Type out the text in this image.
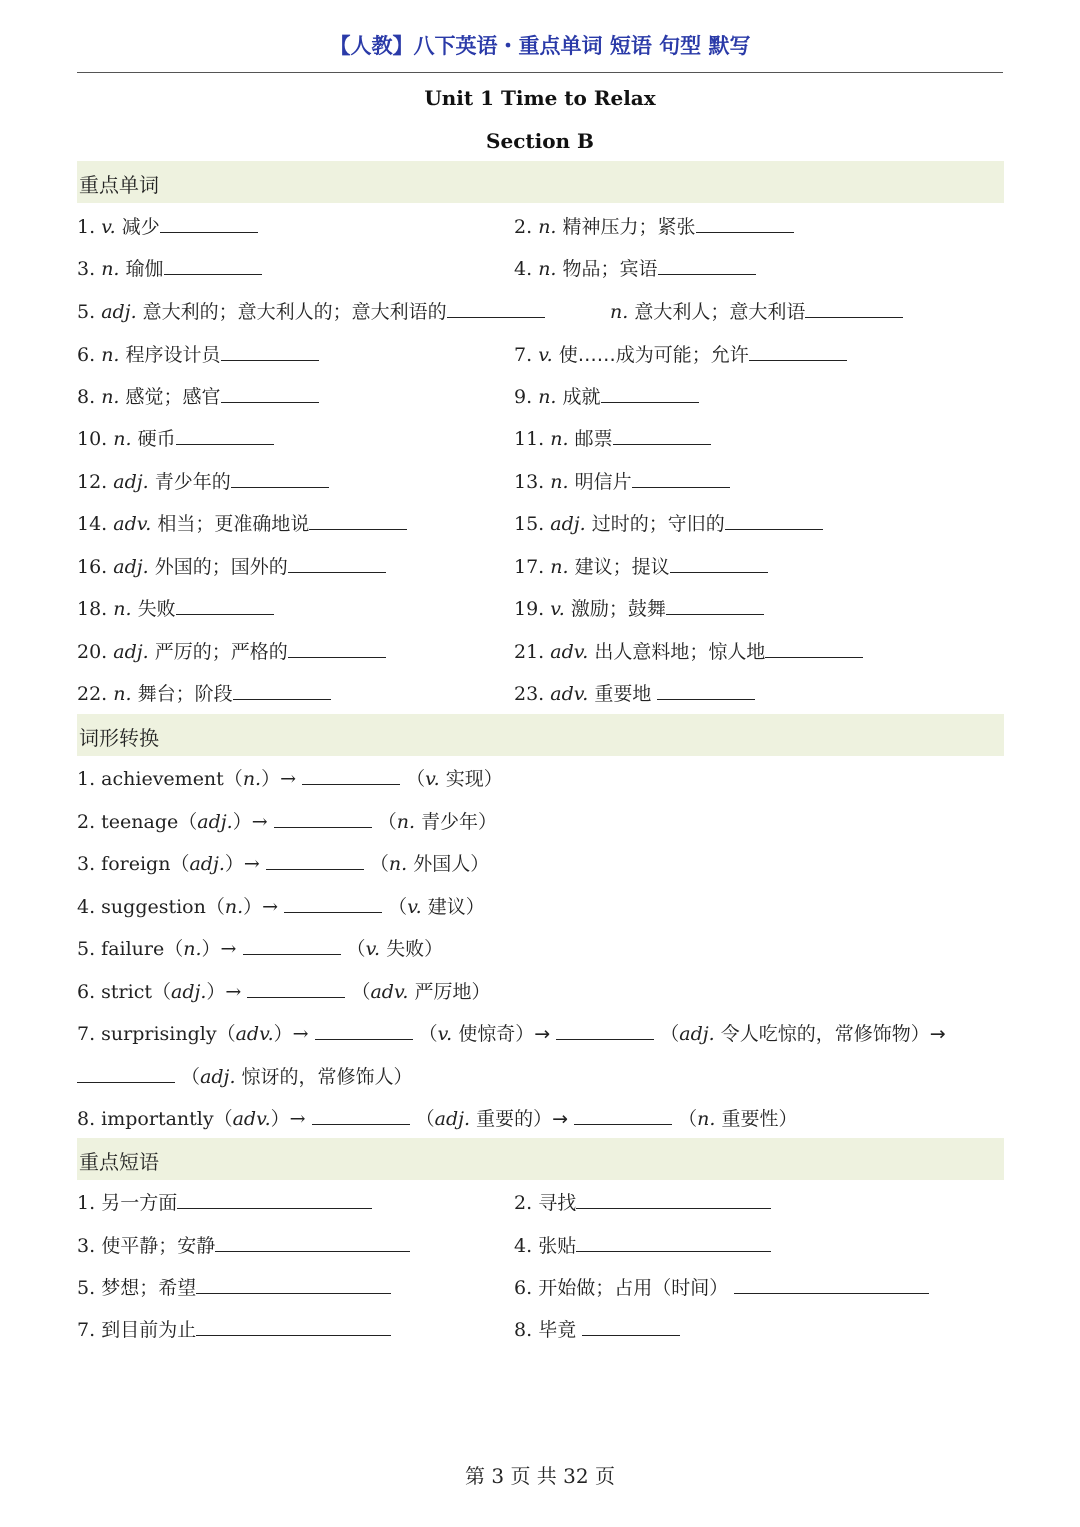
【人教】八下英语・重点单词 短语 句型 默写
Unit 1 Time to Relax
Section B
重点单词
1. v. 减少	2. n. 精神压力；紧张
3. n. 瑜伽	4. n. 物品；宾语
5. adj. 意大利的；意大利人的；意大利语的	n. 意大利人；意大利语
6. n. 程序设计员	7. v. 使……成为可能；允许
8. n. 感觉；感官	9. n. 成就
10. n. 硬币	11. n. 邮票
12. adj. 青少年的	13. n. 明信片
14. adv. 相当；更准确地说	15. adj. 过时的；守旧的
16. adj. 外国的；国外的	17. n. 建议；提议
18. n. 失败	19. v. 激励；鼓舞
20. adj. 严厉的；严格的	21. adv. 出人意料地；惊人地
22. n. 舞台；阶段	23. adv. 重要地
词形转换
1. achievement（n.）→	（v. 实现）
2. teenage（adj.）→	（n. 青少年）
3. foreign（adj.）→	（n. 外国人）
4. suggestion（n.）→	（v. 建议）
5. failure（n.）→	（v. 失败）
6. strict（adj.）→	（adv. 严厉地）
7. surprisingly（adv.）→	（v. 使惊奇）→	（adj. 令人吃惊的，常修饰物）→
（adj. 惊讶的，常修饰人）
8. importantly（adv.）→	（adj. 重要的）→	（n. 重要性）
重点短语
1. 另一方面	2. 寻找
3. 使平静；安静	4. 张贴
5. 梦想；希望	6. 开始做；占用（时间）
7. 到目前为止	8. 毕竟
第 3 页 共 32 页
